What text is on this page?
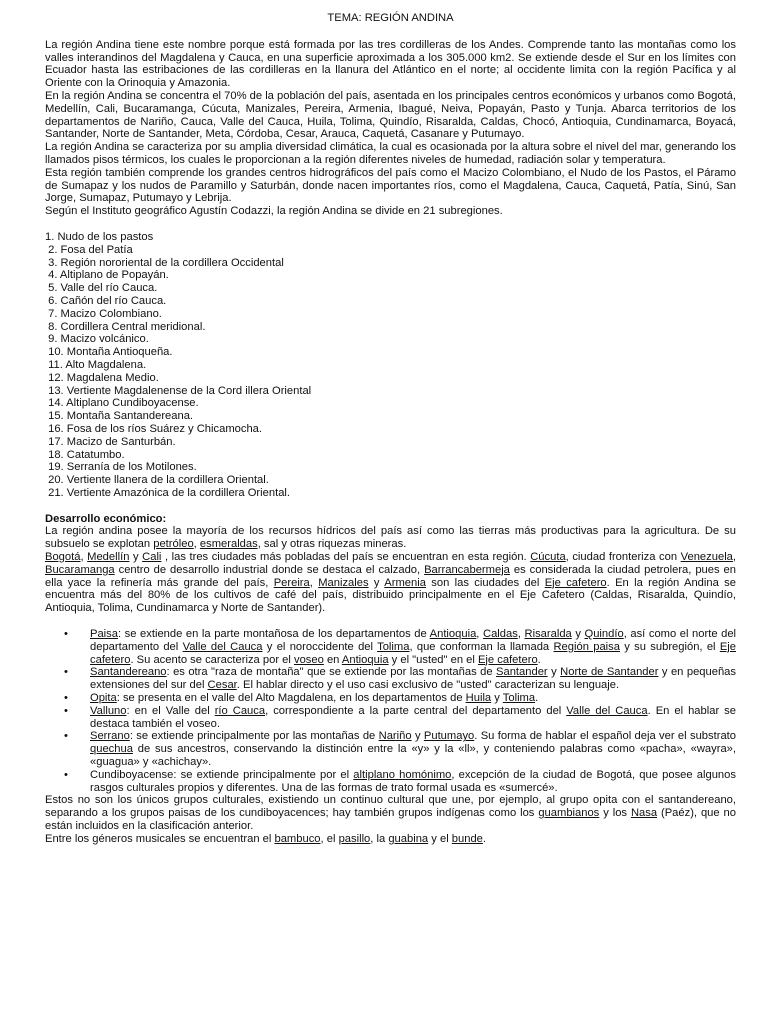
TEMA: REGIÓN ANDINA

La región Andina tiene este nombre porque está formada por las tres cordilleras de los Andes. Comprende tanto las montañas como los valles interandinos del Magdalena y Cauca, en una superficie aproximada a los 305.000 km2. Se extiende desde el Sur en los límites con Ecuador hasta las estribaciones de las cordilleras en la llanura del Atlántico en el norte; al occidente limita con la región Pacífica y al Oriente con la Orinoquia y Amazonia.

En la región Andina se concentra el 70% de la población del país, asentada en los principales centros económicos y urbanos como Bogotá, Medellín, Cali, Bucaramanga, Cúcuta, Manizales, Pereira, Armenia, Ibagué, Neiva, Popayán, Pasto y Tunja. Abarca territorios de los departamentos de Nariño, Cauca, Valle del Cauca, Huila, Tolima, Quindío, Risaralda, Caldas, Chocó, Antioquia, Cundinamarca, Boyacá, Santander, Norte de Santander, Meta, Córdoba, Cesar, Arauca, Caquetá, Casanare y Putumayo.

La región Andina se caracteriza por su amplia diversidad climática, la cual es ocasionada por la altura sobre el nivel del mar, generando los llamados pisos térmicos, los cuales le proporcionan a la región diferentes niveles de humedad, radiación solar y temperatura.

Esta región también comprende los grandes centros hidrográficos del país como el Macizo Colombiano, el Nudo de los Pastos, el Páramo de Sumapaz y los nudos de Paramillo y Saturbán, donde nacen importantes ríos, como el Magdalena, Cauca, Caquetá, Patía, Sinú, San Jorge, Sumapaz, Putumayo y Lebrija.

Según el Instituto geográfico Agustín Codazzi, la región Andina se divide en 21 subregiones.

1. Nudo de los pastos
2. Fosa del Patía
3. Región nororiental de la cordillera Occidental
4. Altiplano de Popayán.
5. Valle del río Cauca.
6. Cañón del río Cauca.
7. Macizo Colombiano.
8. Cordillera Central meridional.
9. Macizo volcánico.
10. Montaña Antioqueña.
11. Alto Magdalena.
12. Magdalena Medio.
13. Vertiente Magdalenense de la Cord illera Oriental
14. Altiplano Cundiboyacense.
15. Montaña Santandereana.
16. Fosa de los ríos Suárez y Chicamocha.
17. Macizo de Santurbán.
18. Catatumbo.
19. Serranía de los Motilones.
20. Vertiente llanera de la cordillera Oriental.
21. Vertiente Amazónica de la cordillera Oriental.
Desarrollo económico:

La región andina posee la mayoría de los recursos hídricos del país así como las tierras más productivas para la agricultura. De su subsuelo se explotan petróleo, esmeraldas, sal y otras riquezas mineras.

Bogotá, Medellín y Cali , las tres ciudades más pobladas del país se encuentran en esta región. Cúcuta, ciudad fronteriza con Venezuela, Bucaramanga centro de desarrollo industrial donde se destaca el calzado, Barrancabermeja es considerada la ciudad petrolera, pues en ella yace la refinería más grande del país, Pereira, Manizales y Armenia son las ciudades del Eje cafetero. En la región Andina se encuentra más del 80% de los cultivos de café del país, distribuido principalmente en el Eje Cafetero (Caldas, Risaralda, Quindío, Antioquia, Tolima, Cundinamarca y Norte de Santander).

• Paisa: se extiende en la parte montañosa de los departamentos de Antioquia, Caldas, Risaralda y Quindío, así como el norte del departamento del Valle del Cauca y el noroccidente del Tolima, que conforman la llamada Región paisa y su subregión, el Eje cafetero. Su acento se caracteriza por el voseo en Antioquia y el "usted" en el Eje cafetero.
• Santandereano: es otra "raza de montaña" que se extiende por las montañas de Santander y Norte de Santander y en pequeñas extensiones del sur del Cesar. El hablar directo y el uso casi exclusivo de "usted" caracterizan su lenguaje.
• Opita: se presenta en el valle del Alto Magdalena, en los departamentos de Huila y Tolima.
• Valluno: en el Valle del río Cauca, correspondiente a la parte central del departamento del Valle del Cauca. En el hablar se destaca también el voseo.
• Serrano: se extiende principalmente por las montañas de Nariño y Putumayo. Su forma de hablar el español deja ver el substrato quechua de sus ancestros, conservando la distinción entre la «y» y la «ll», y conteniendo palabras como «pacha», «wayra», «guagua» y «achichay».
• Cundiboyacense: se extiende principalmente por el altiplano homónimo, excepción de la ciudad de Bogotá, que posee algunos rasgos culturales propios y diferentes. Una de las formas de trato formal usada es «sumercé».

Estos no son los únicos grupos culturales, existiendo un continuo cultural que une, por ejemplo, al grupo opita con el santandereano, separando a los grupos paisas de los cundiboyacences; hay también grupos indígenas como los guambianos y los Nasa (Paéz), que no están incluidos en la clasificación anterior.

Entre los géneros musicales se encuentran el bambuco, el pasillo, la guabina y el bunde.
